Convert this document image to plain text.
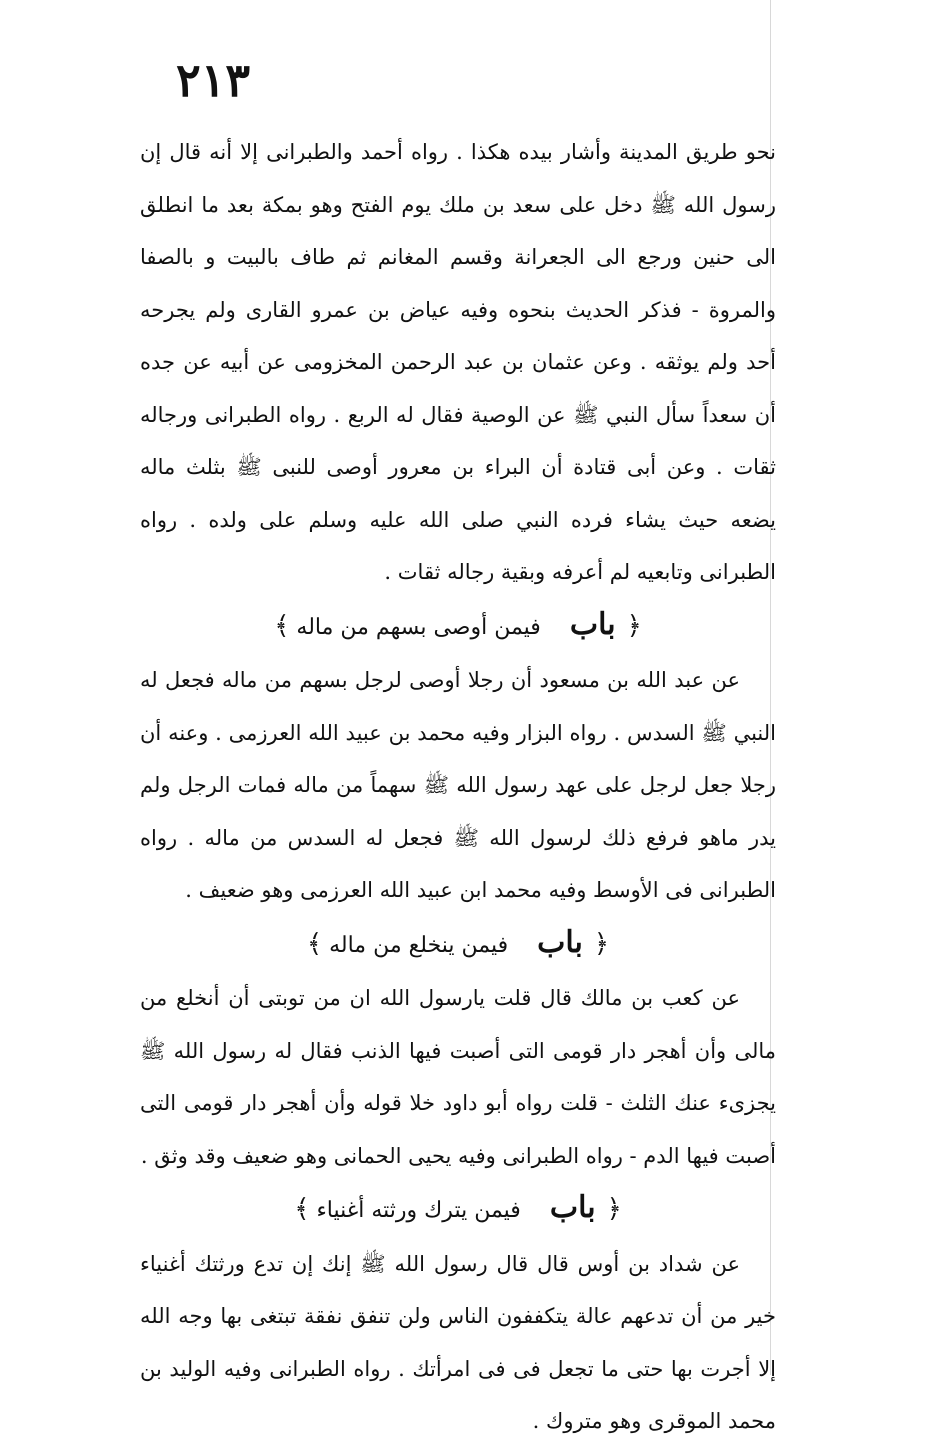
٢١٣

نحو طريق المدينة وأشار بيده هكذا . رواه أحمد والطبرانى إلا أنه قال إن رسول الله ﷺ دخل على سعد بن ملك يوم الفتح وهو بمكة بعد ما انطلق الى حنين ورجع الى الجعرانة وقسم المغانم ثم طاف بالبيت و بالصفا والمروة - فذكر الحديث بنحوه وفيه عياض بن عمرو القارى ولم يجرحه أحد ولم يوثقه . وعن عثمان بن عبد الرحمن المخزومى عن أبيه عن جده أن سعداً سأل النبي ﷺ عن الوصية فقال له الربع . رواه الطبرانى ورجاله ثقات . وعن أبى قتادة أن البراء بن معرور أوصى للنبى ﷺ بثلث ماله يضعه حيث يشاء فرده النبي صلى الله عليه وسلم على ولده . رواه الطبرانى وتابعيه لم أعرفه وبقية رجاله ثقات .

﴿ باب فيمن أوصى بسهم من ماله ﴾

عن عبد الله بن مسعود أن رجلا أوصى لرجل بسهم من ماله فجعل له النبي ﷺ السدس . رواه البزار وفيه محمد بن عبيد الله العرزمى . وعنه أن رجلا جعل لرجل على عهد رسول الله ﷺ سهماً من ماله فمات الرجل ولم يدر ماهو فرفع ذلك لرسول الله ﷺ فجعل له السدس من ماله . رواه الطبرانى فى الأوسط وفيه محمد ابن عبيد الله العرزمى وهو ضعيف .

﴿ باب فيمن ينخلع من ماله ﴾

عن كعب بن مالك قال قلت يارسول الله ان من توبتى أن أنخلع من مالى وأن أهجر دار قومى التى أصبت فيها الذنب فقال له رسول الله ﷺ يجزىء عنك الثلث - قلت رواه أبو داود خلا قوله وأن أهجر دار قومى التى أصبت فيها الدم - رواه الطبرانى وفيه يحيى الحمانى وهو ضعيف وقد وثق .

﴿ باب فيمن يترك ورثته أغنياء ﴾

عن شداد بن أوس قال قال رسول الله ﷺ إنك إن تدع ورثتك أغنياء خير من أن تدعهم عالة يتكففون الناس ولن تنفق نفقة تبتغى بها وجه الله إلا أجرت بها حتى ما تجعل فى فى امرأتك . رواه الطبرانى وفيه الوليد بن محمد الموقرى وهو متروك .
